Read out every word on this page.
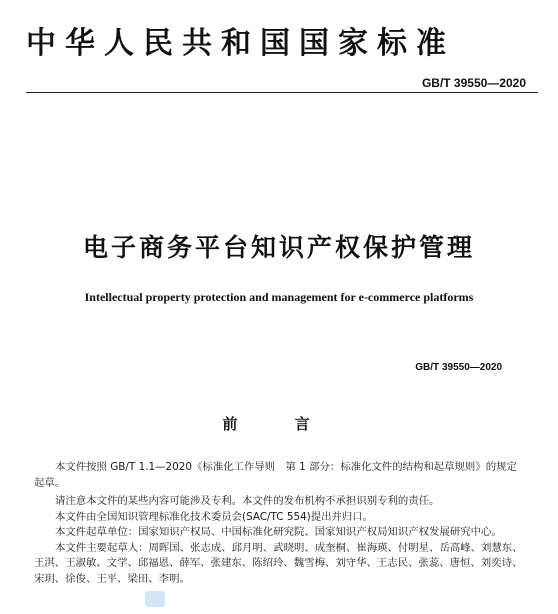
中华人民共和国国家标准
GB/T 39550—2020
电子商务平台知识产权保护管理
Intellectual property protection and management for e-commerce platforms
GB/T 39550—2020
前 言

本文件按照 GB/T 1.1—2020《标准化工作导则　第 1 部分：标准化文件的结构和起草规则》的规定起草。

请注意本文件的某些内容可能涉及专利。本文件的发布机构不承担识别专利的责任。

本文件由全国知识管理标准化技术委员会(SAC/TC 554)提出并归口。

本文件起草单位：国家知识产权局、中国标准化研究院、国家知识产权局知识产权发展研究中心。

本文件主要起草人：周晖国、张志成、邱月明、武晓明、成奎桐、崔海瑛、付明星、岳高峰、刘慧东、王淇、王淑敏、文学、邱福恩、薛军、张建东、陈绍玲、魏雪梅、刘守华、王志民、张蕊、唐恒、刘奕诗、宋玥、徐俊、王平、梁田、李明。
